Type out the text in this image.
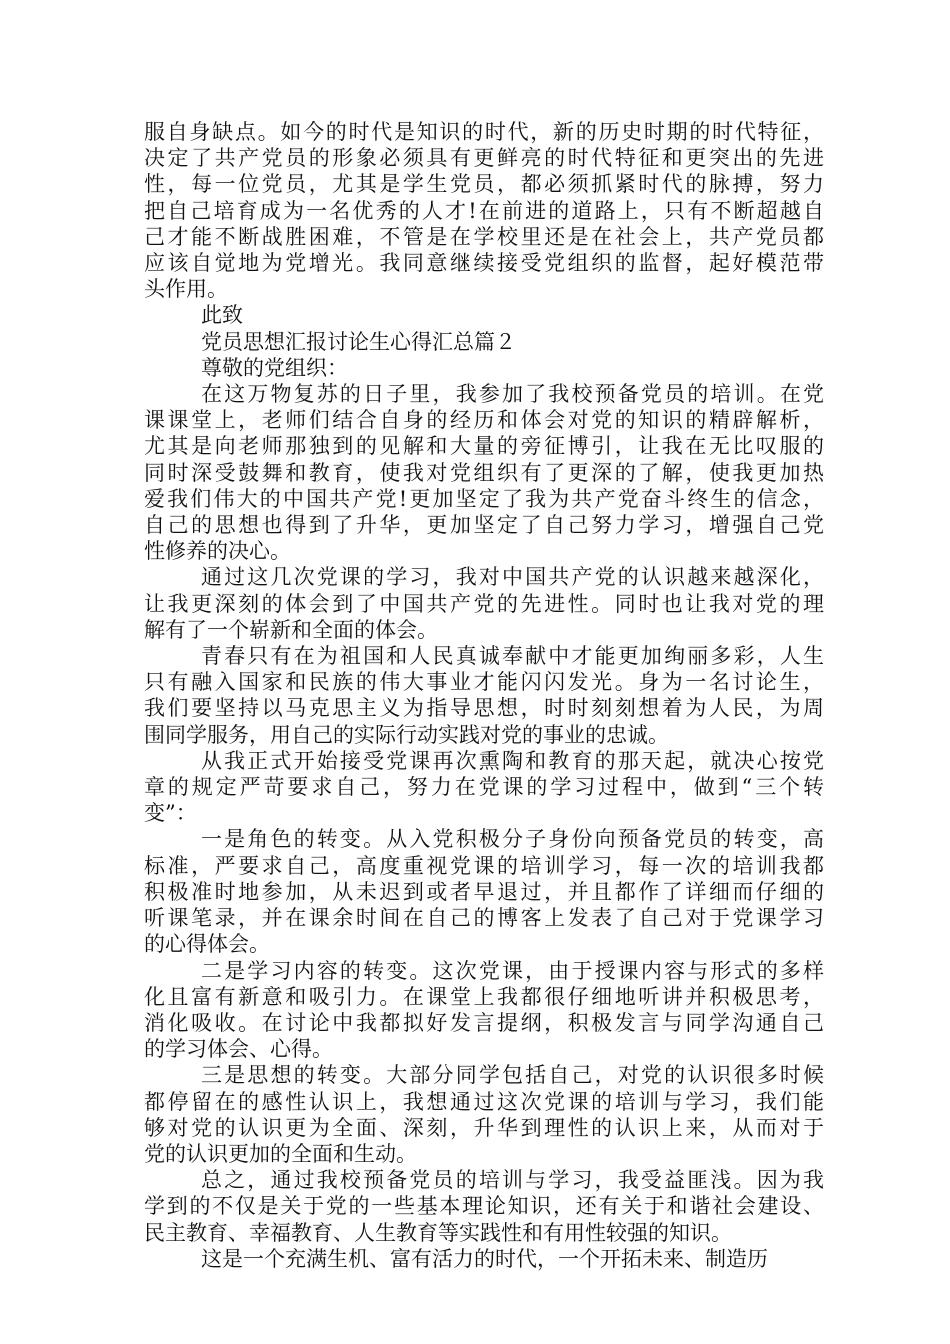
服自身缺点。如今的时代是知识的时代，新的历史时期的时代特征，
决定了共产党员的形象必须具有更鲜亮的时代特征和更突出的先进
性，每一位党员，尤其是学生党员，都必须抓紧时代的脉搏，努力
把自己培育成为一名优秀的人才!在前进的道路上，只有不断超越自
己才能不断战胜困难，不管是在学校里还是在社会上，共产党员都
应该自觉地为党增光。我同意继续接受党组织的监督，起好模范带
头作用。
此致
党员思想汇报讨论生心得汇总篇２
尊敬的党组织：
在这万物复苏的日子里，我参加了我校预备党员的培训。在党
课课堂上，老师们结合自身的经历和体会对党的知识的精辟解析，
尤其是向老师那独到的见解和大量的旁征博引，让我在无比叹服的
同时深受鼓舞和教育，使我对党组织有了更深的了解，使我更加热
爱我们伟大的中国共产党!更加坚定了我为共产党奋斗终生的信念，
自己的思想也得到了升华，更加坚定了自己努力学习，增强自己党
性修养的决心。
通过这几次党课的学习，我对中国共产党的认识越来越深化，
让我更深刻的体会到了中国共产党的先进性。同时也让我对党的理
解有了一个崭新和全面的体会。
青春只有在为祖国和人民真诚奉献中才能更加绚丽多彩，人生
只有融入国家和民族的伟大事业才能闪闪发光。身为一名讨论生，
我们要坚持以马克思主义为指导思想，时时刻刻想着为人民，为周
围同学服务，用自己的实际行动实践对党的事业的忠诚。
从我正式开始接受党课再次熏陶和教育的那天起，就决心按党
章的规定严苛要求自己，努力在党课的学习过程中，做到“三个转
变”：
一是角色的转变。从入党积极分子身份向预备党员的转变，高
标准，严要求自己，高度重视党课的培训学习，每一次的培训我都
积极准时地参加，从未迟到或者早退过，并且都作了详细而仔细的
听课笔录，并在课余时间在自己的博客上发表了自己对于党课学习
的心得体会。
二是学习内容的转变。这次党课，由于授课内容与形式的多样
化且富有新意和吸引力。在课堂上我都很仔细地听讲并积极思考，
消化吸收。在讨论中我都拟好发言提纲，积极发言与同学沟通自己
的学习体会、心得。
三是思想的转变。大部分同学包括自己，对党的认识很多时候
都停留在的感性认识上，我想通过这次党课的培训与学习，我们能
够对党的认识更为全面、深刻，升华到理性的认识上来，从而对于
党的认识更加的全面和生动。
总之，通过我校预备党员的培训与学习，我受益匪浅。因为我
学到的不仅是关于党的一些基本理论知识，还有关于和谐社会建设、
民主教育、幸福教育、人生教育等实践性和有用性较强的知识。
这是一个充满生机、富有活力的时代，一个开拓未来、制造历
